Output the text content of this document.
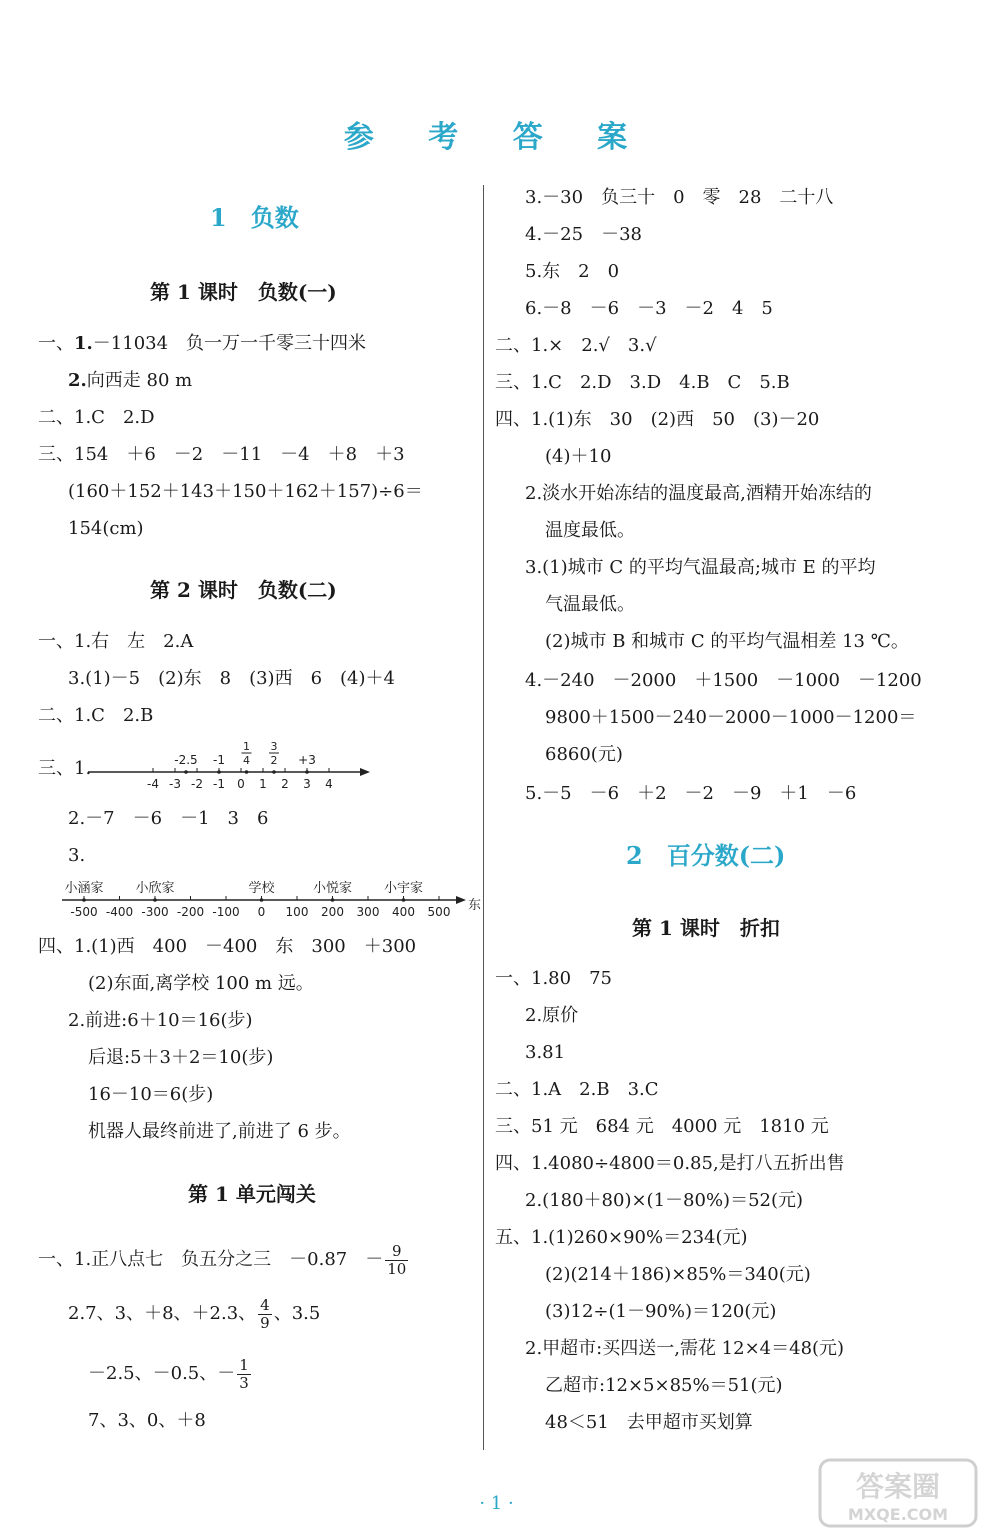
参 考 答 案
1　负数
第 1 课时　负数(一)
一、1.－11034　负一万一千零三十四米
2.向西走 80 m
二、1.C　2.D
三、154　＋6　－2　－11　－4　＋8　＋3
(160＋152＋143＋150＋162＋157)÷6＝
154(cm)
第 2 课时　负数(二)
一、1.右　左　2.A
3.(1)－5　(2)东　8　(3)西　6　(4)＋4
二、1.C　2.B
三、1.
-4 -3 -2 -1 0 1 2 3 4
-2.5 -1
1
4
3
2 +3
2.－7　－6　－1　3　6
3.
小涵家 小欣家	学校	小悦家 小宇家
-500 -400 -300 -200 -100 0 100 200 300 400 500 东
四、1.(1)西　400　－400　东　300　＋300
(2)东面,离学校 100 m 远。
2.前进:6＋10＝16(步)
后退:5＋3＋2＝10(步)
16－10＝6(步)
机器人最终前进了,前进了 6 步。
第 1 单元闯关
一、1.正八点七　负五分之三　－0.87　－ $\frac{9}{10}$
2.7、3、＋8、＋2.3、 $\frac{4}{9}$ 、3.5
－2.5、－0.5、－ $\frac{1}{3}$
7、3、0、＋8
3.－30　负三十　0　零　28　二十八
4.－25　－38
5.东　2　0
6.－8　－6　－3　－2　4　5
二、1.×　2.√　3.√
三、1.C　2.D　3.D　4.B　C　5.B
四、1.(1)东　30　(2)西　50　(3)－20
(4)＋10
2.淡水开始冻结的温度最高,酒精开始冻结的
温度最低。
3.(1)城市 C 的平均气温最高;城市 E 的平均
气温最低。
(2)城市 B 和城市 C 的平均气温相差 13 ℃。
4.－240　－2000　＋1500　－1000　－1200
9800＋1500－240－2000－1000－1200＝
6860(元)
5.－5　－6　＋2　－2　－9　＋1　－6
2　百分数(二)
第 1 课时　折扣
一、1.80　75
2.原价
3.81
二、1.A　2.B　3.C
三、51 元　684 元　4000 元　1810 元
四、1.4080÷4800＝0.85,是打八五折出售
2.(180＋80)×(1－80%)＝52(元)
五、1.(1)260×90%＝234(元)
(2)(214＋186)×85%＝340(元)
(3)12÷(1－90%)＝120(元)
2.甲超市:买四送一,需花 12×4＝48(元)
乙超市:12×5×85%＝51(元)
48＜51　去甲超市买划算
· 1 ·
答案圈
MXQE.COM
